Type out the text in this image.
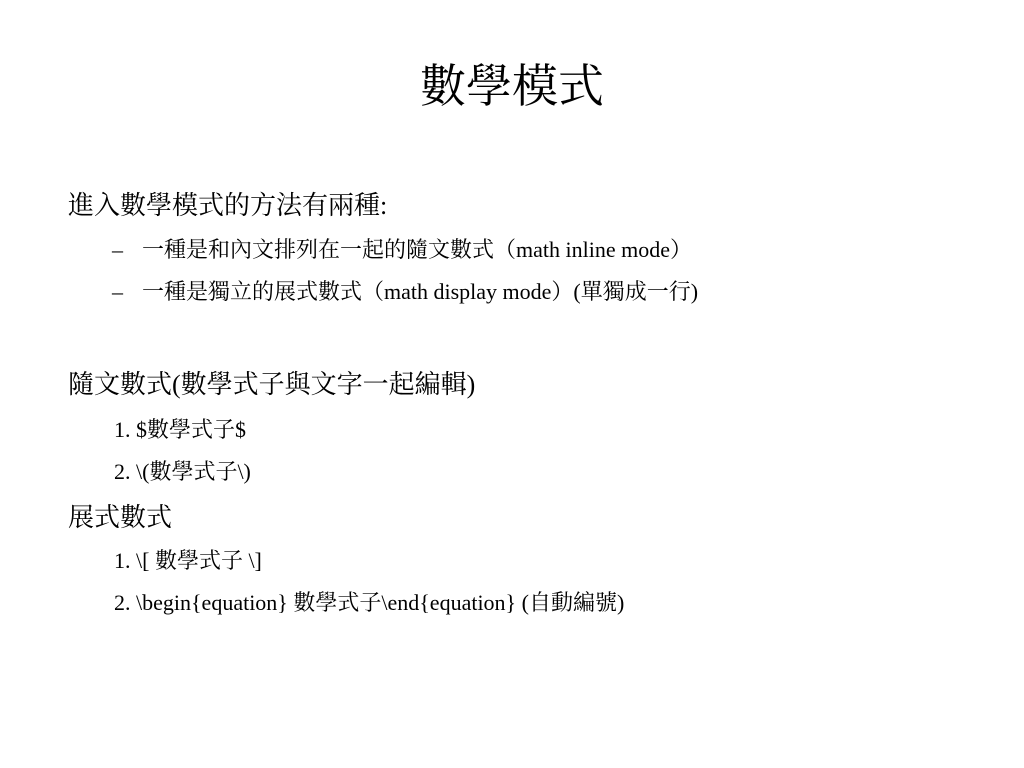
數學模式
進入數學模式的方法有兩種:
– 一種是和內文排列在一起的隨文數式（math inline mode）
– 一種是獨立的展式數式（math display mode）(單獨成一行)
隨文數式(數學式子與文字一起編輯)
1. $數學式子$
2. \(數學式子\)
展式數式
1. \[ 數學式子 \]
2. \begin{equation} 數學式子\end{equation} (自動編號)
